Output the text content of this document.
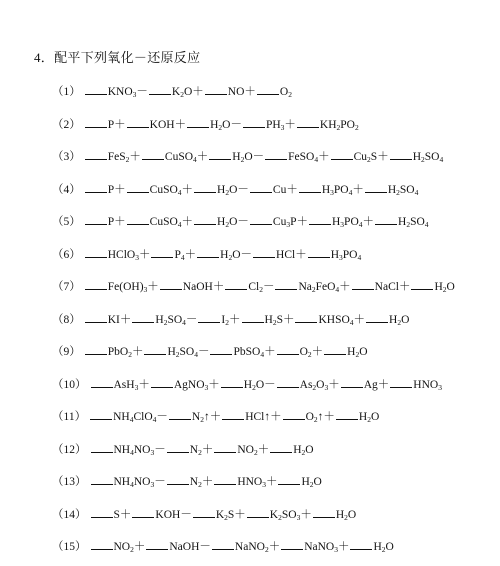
4．配平下列氧化－还原反应
（1） $KNO_3- K_2O+ NO+ O_2$
（2） $P+ KOH+ H_2O- PH_3+ KH_2PO_2$
（3） FeS$_2$＋ CuSO$_4$＋ $H_2O-$ FeSO$_4$＋ $Cu_2S+ H_2SO_4$
（4） P＋ CuSO$_4$＋ $H_2O- Cu+ H_3PO_4+ H_2SO_4$
（5） P＋ CuSO$_4$＋ $H_2O- Cu_3P+ H_3PO_4+ H_2SO_4$
（6） HClO$_3$＋ $P_4+ H_2O- HCl+ H_3PO_4$
（7） $Fe(OH)_3+$ NaOH＋ $Cl_2- Na_2FeO_4+$ NaCl＋ $H_2O$
（8） $KI+ H_2SO_4- I_2+ H_2S+$ $KHSO_4+ H_2O$
（9） $PbO_2+ H_2SO_4-$ PbSO$_4$＋ $O_2+ H_2O$
（10） AsH$_3$＋ AgNO$_3$＋ $H_2O- As_2O_3+ Ag+ HNO_3$
（11） $NH_4ClO_4-$ $N_2↑+$ HCl↑＋ $O_2↑+ H_2O$
（12） $NH_4NO_3- N_2+ NO_2+ H_2O$
（13） $NH_4NO_3- N_2+ HNO_3+ H_2O$
（14） $S+ KOH- K_2S+ K_2SO_3+ H_2O$
（15） $NO_2+$ NaOH－ NaNO$_2$＋ NaNO$_3$＋ $H_2O$
